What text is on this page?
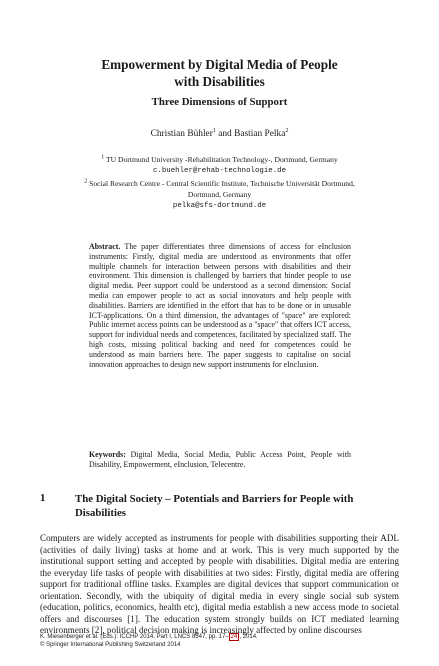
Empowerment by Digital Media of People
with Disabilities
Three Dimensions of Support
Christian Bühler$^1$ and Bastian Pelka$^2$
$^1$ TU Dortmund University -Rehabilitation Technology-, Dortmund, Germany
c.buehler@rehab-technologie.de
$^2$ Social Research Centre - Central Scientific Institute, Technische Universität Dortmund,
Dortmund, Germany
pelka@sfs-dortmund.de
Abstract. The paper differentiates three dimensions of access for eInclusion instruments: Firstly, digital media are understood as environments that offer multiple channels for interaction between persons with disabilities and their environment. This dimension is challenged by barriers that hinder people to use digital media. Peer support could be understood as a second dimension: Social media can empower people to act as social innovators and help people with disabilities. Barriers are identified in the effort that has to be done or in unusable ICT-applications. On a third dimension, the advantages of "space" are explored: Public internet access points can be understood as a "space" that offers ICT access, support for individual needs and competences, facilitated by specialized staff. The high costs, missing political backing and need for competences could be understood as main barriers here. The paper suggests to capitalise on social innovation approaches to design new support instruments for eInclusion.
Keywords: Digital Media, Social Media, Public Access Point, People with Disability, Empowerment, eInclusion, Telecentre.
1	The Digital Society – Potentials and Barriers for People with Disabilities
Computers are widely accepted as instruments for people with disabilities supporting their ADL (activities of daily living) tasks at home and at work. This is very much supported by the institutional support setting and accepted by people with disabilities. Digital media are entering the everyday life tasks of people with disabilities at two sides: Firstly, digital media are offering support for traditional offline tasks. Examples are digital devices that support communication or orientation. Secondly, with the ubiquity of digital media in every single social sub system (education, politics, economics, health etc), digital media establish a new access mode to societal offers and discourses [1]. The education system strongly builds on ICT mediated learning environments [2], political decision making is increasingly affected by online discourses
K. Miesenberger et al. (Eds.): ICCHP 2014, Part I, LNCS 8547, pp. 17– 24 , 2014.
© Springer International Publishing Switzerland 2014
